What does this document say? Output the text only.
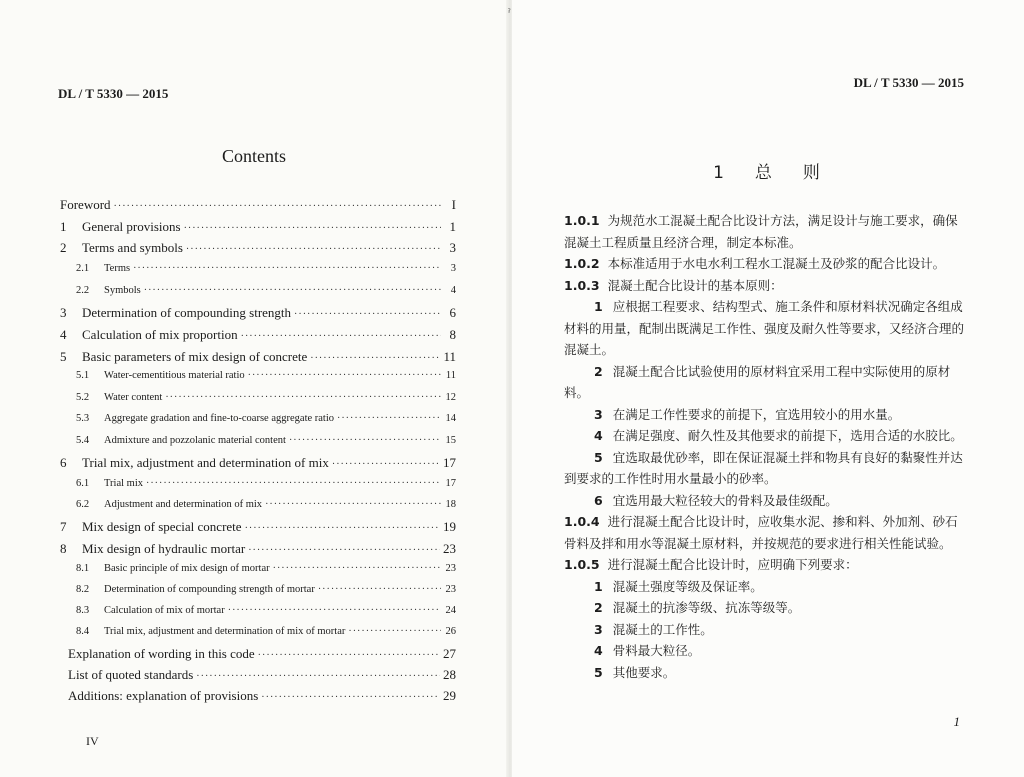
DL / T 5330 — 2015
Contents
Foreword ·····	I
1	General provisions ·····	1
2	Terms and symbols ·····	3
2.1	Terms ·····	3
2.2	Symbols ·····	4
3	Determination of compounding strength ·····	6
4	Calculation of mix proportion ·····	8
5	Basic parameters of mix design of concrete ·····	11
5.1	Water-cementitious material ratio ·····	11
5.2	Water content ·····	12
5.3	Aggregate gradation and fine-to-coarse aggregate ratio ·····	14
5.4	Admixture and pozzolanic material content ·····	15
6	Trial mix, adjustment and determination of mix ·····	17
6.1	Trial mix ·····	17
6.2	Adjustment and determination of mix ·····	18
7	Mix design of special concrete ·····	19
8	Mix design of hydraulic mortar ·····	23
8.1	Basic principle of mix design of mortar ·····	23
8.2	Determination of compounding strength of mortar ·····	23
8.3	Calculation of mix of mortar ·····	24
8.4	Trial mix, adjustment and determination of mix of mortar ·····	26
Explanation of wording in this code ·····	27
List of quoted standards ·····	28
Additions: explanation of provisions ·····	29
IV
ˀ
DL / T 5330 — 2015
1 总 则

1.0.1 为规范水工混凝土配合比设计方法，满足设计与施工要求，确保混凝土工程质量且经济合理，制定本标准。

1.0.2 本标准适用于水电水利工程水工混凝土及砂浆的配合比设计。

1.0.3 混凝土配合比设计的基本原则：

1 应根据工程要求、结构型式、施工条件和原材料状况确定各组成材料的用量，配制出既满足工作性、强度及耐久性等要求，又经济合理的混凝土。

2 混凝土配合比试验使用的原材料宜采用工程中实际使用的原材料。

3 在满足工作性要求的前提下，宜选用较小的用水量。

4 在满足强度、耐久性及其他要求的前提下，选用合适的水胶比。

5 宜选取最优砂率，即在保证混凝土拌和物具有良好的黏聚性并达到要求的工作性时用水量最小的砂率。

6 宜选用最大粒径较大的骨料及最佳级配。

1.0.4 进行混凝土配合比设计时，应收集水泥、掺和料、外加剂、砂石骨料及拌和用水等混凝土原材料，并按规范的要求进行相关性能试验。

1.0.5 进行混凝土配合比设计时，应明确下列要求：

1 混凝土强度等级及保证率。

2 混凝土的抗渗等级、抗冻等级等。

3 混凝土的工作性。

4 骨料最大粒径。

5 其他要求。

1
